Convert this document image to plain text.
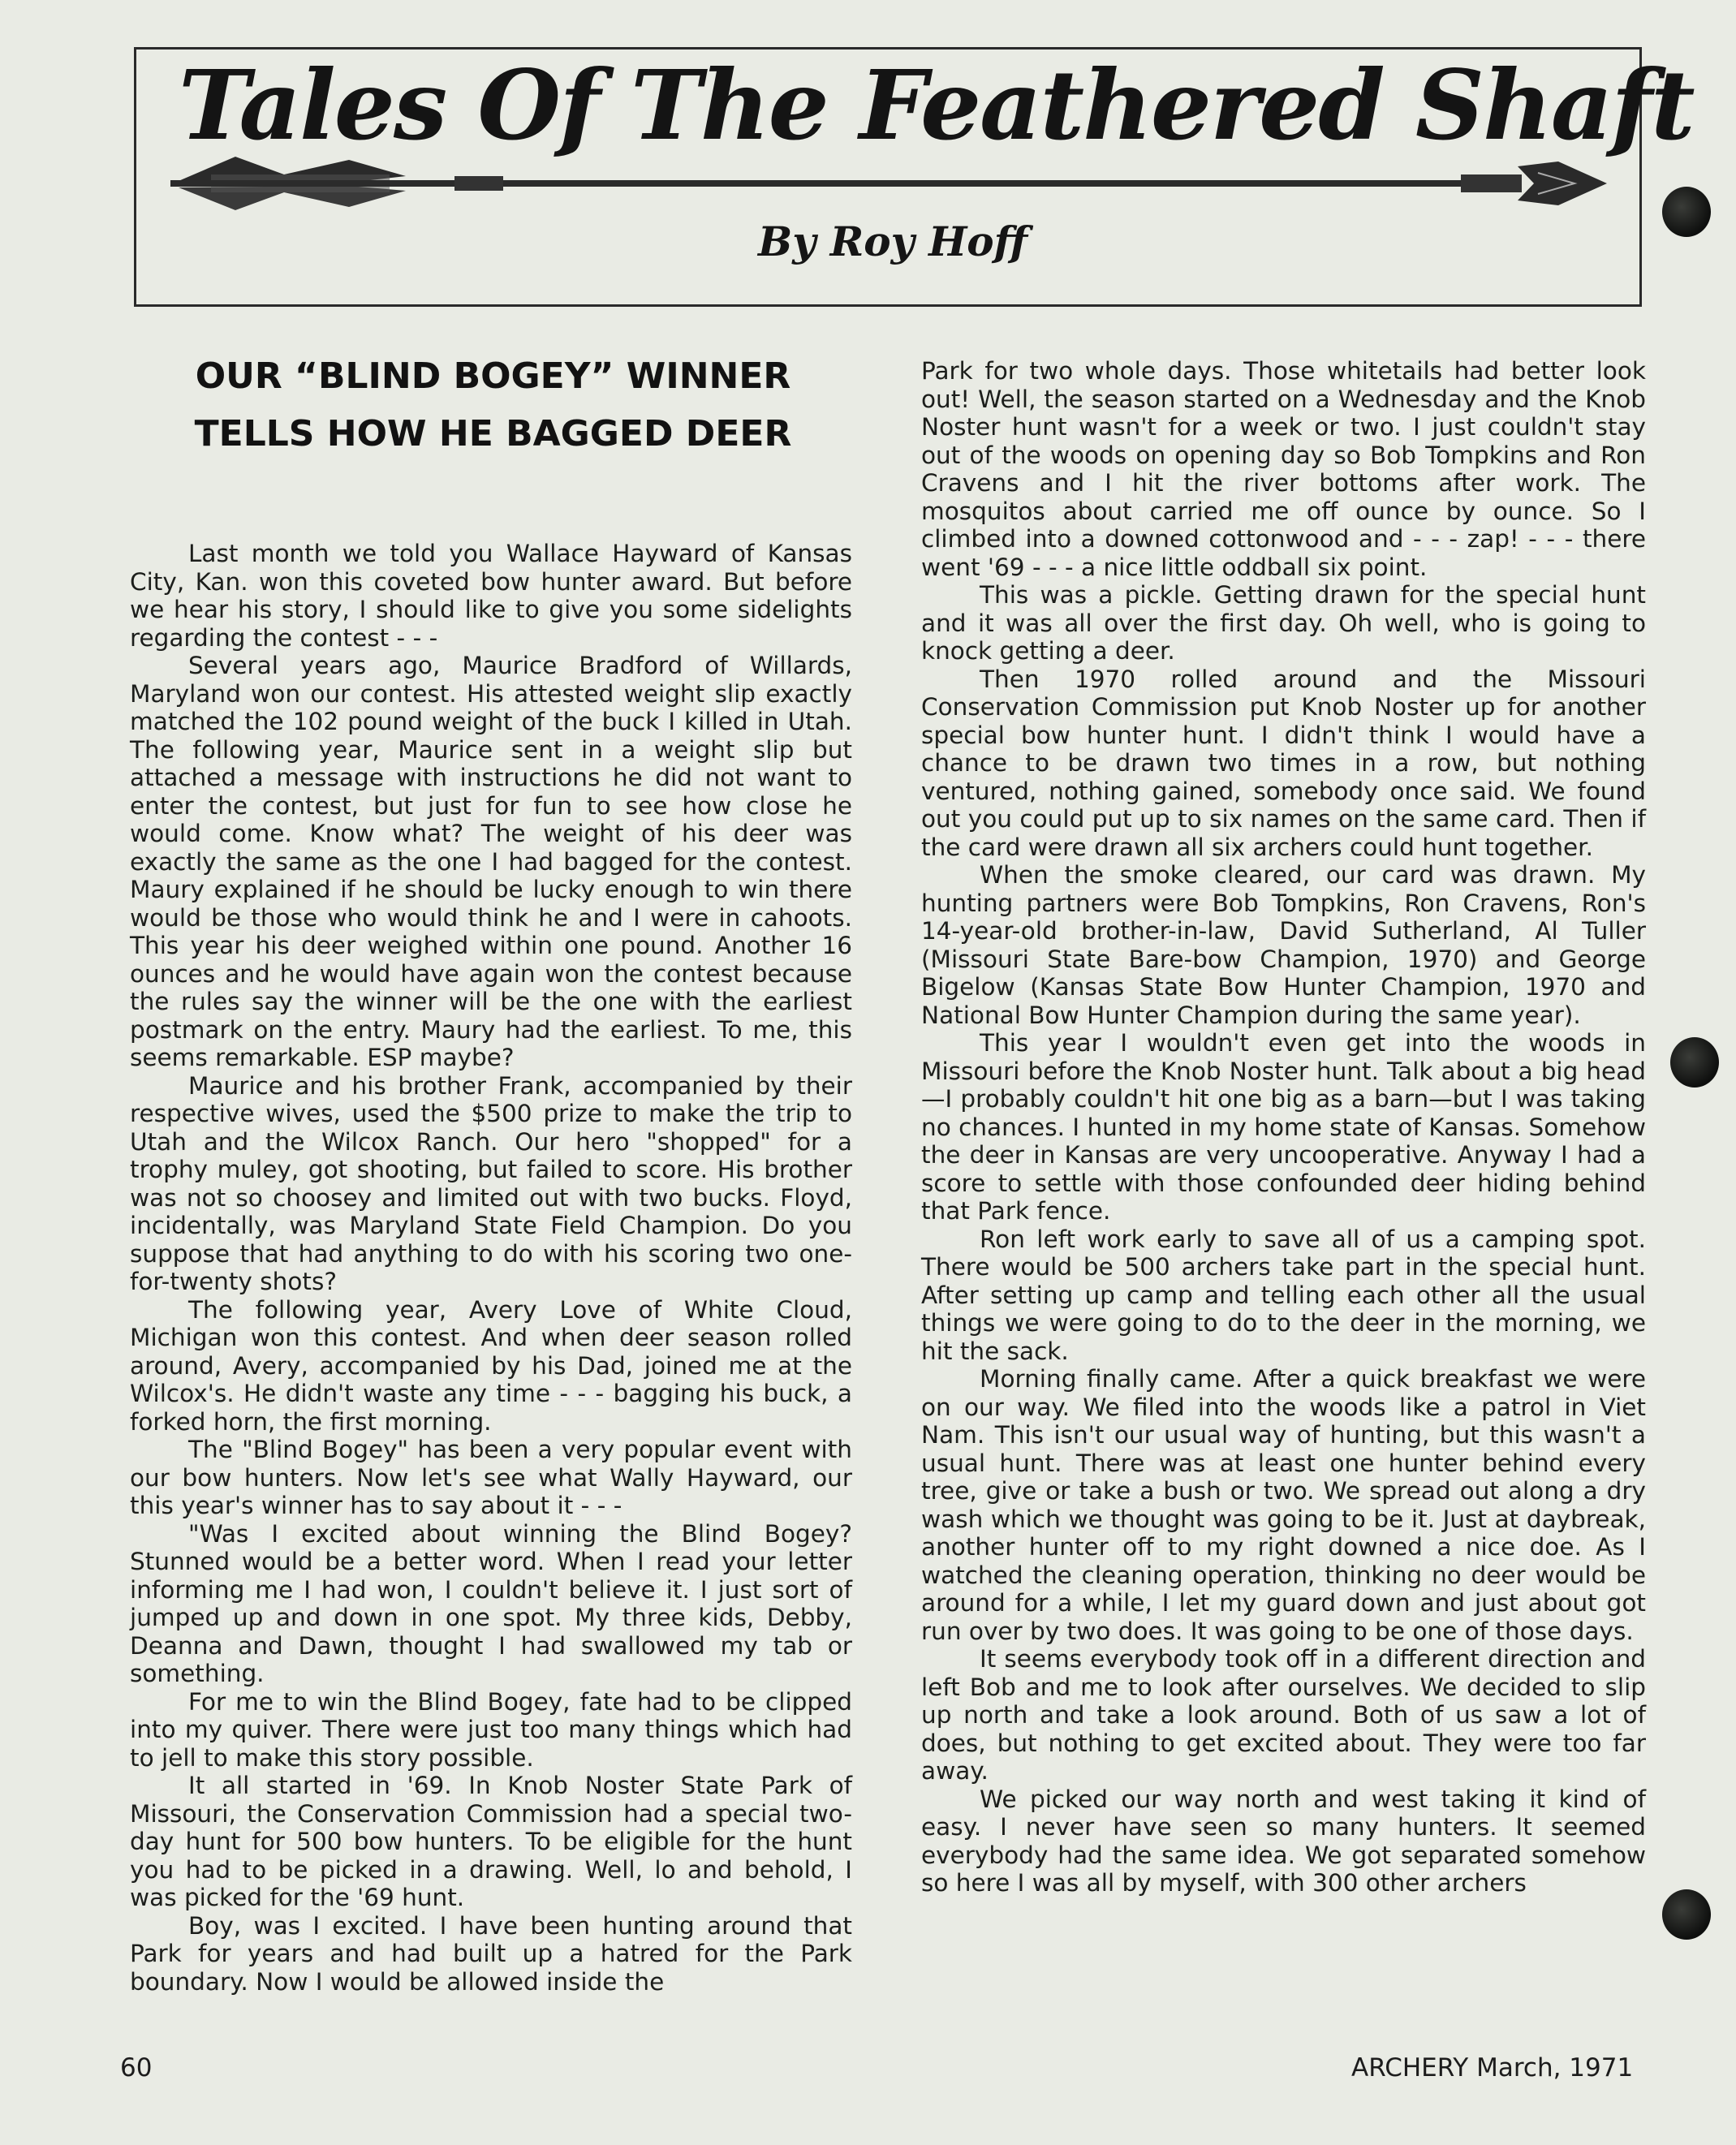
Tales Of The Feathered Shaft
By Roy Hoff
OUR “BLIND BOGEY” WINNER TELLS HOW HE BAGGED DEER

Last month we told you Wallace Hayward of Kansas City, Kan. won this coveted bow hunter award. But before we hear his story, I should like to give you some sidelights regarding the contest - - -

Several years ago, Maurice Bradford of Willards, Maryland won our contest. His attested weight slip exactly matched the 102 pound weight of the buck I killed in Utah. The following year, Maurice sent in a weight slip but attached a message with instructions he did not want to enter the contest, but just for fun to see how close he would come. Know what? The weight of his deer was exactly the same as the one I had bagged for the contest. Maury explained if he should be lucky enough to win there would be those who would think he and I were in cahoots. This year his deer weighed within one pound. Another 16 ounces and he would have again won the contest because the rules say the winner will be the one with the earliest postmark on the entry. Maury had the earliest. To me, this seems remarkable. ESP maybe?

Maurice and his brother Frank, accompanied by their respective wives, used the $500 prize to make the trip to Utah and the Wilcox Ranch. Our hero "shopped" for a trophy muley, got shooting, but failed to score. His brother was not so choosey and limited out with two bucks. Floyd, incidentally, was Maryland State Field Champion. Do you suppose that had anything to do with his scoring two one-for-twenty shots?

The following year, Avery Love of White Cloud, Michigan won this contest. And when deer season rolled around, Avery, accompanied by his Dad, joined me at the Wilcox's. He didn't waste any time - - - bagging his buck, a forked horn, the first morning.

The "Blind Bogey" has been a very popular event with our bow hunters. Now let's see what Wally Hayward, our this year's winner has to say about it - - -

"Was I excited about winning the Blind Bogey? Stunned would be a better word. When I read your letter informing me I had won, I couldn't believe it. I just sort of jumped up and down in one spot. My three kids, Debby, Deanna and Dawn, thought I had swallowed my tab or something.

For me to win the Blind Bogey, fate had to be clipped into my quiver. There were just too many things which had to jell to make this story possible.

It all started in '69. In Knob Noster State Park of Missouri, the Conservation Commission had a special two-day hunt for 500 bow hunters. To be eligible for the hunt you had to be picked in a drawing. Well, lo and behold, I was picked for the '69 hunt.

Boy, was I excited. I have been hunting around that Park for years and had built up a hatred for the Park boundary. Now I would be allowed inside the

Park for two whole days. Those whitetails had better look out! Well, the season started on a Wednesday and the Knob Noster hunt wasn't for a week or two. I just couldn't stay out of the woods on opening day so Bob Tompkins and Ron Cravens and I hit the river bottoms after work. The mosquitos about carried me off ounce by ounce. So I climbed into a downed cottonwood and - - - zap! - - - there went '69 - - - a nice little oddball six point.

This was a pickle. Getting drawn for the special hunt and it was all over the first day. Oh well, who is going to knock getting a deer.

Then 1970 rolled around and the Missouri Conservation Commission put Knob Noster up for another special bow hunter hunt. I didn't think I would have a chance to be drawn two times in a row, but nothing ventured, nothing gained, somebody once said. We found out you could put up to six names on the same card. Then if the card were drawn all six archers could hunt together.

When the smoke cleared, our card was drawn. My hunting partners were Bob Tompkins, Ron Cravens, Ron's 14-year-old brother-in-law, David Sutherland, Al Tuller (Missouri State Bare-bow Champion, 1970) and George Bigelow (Kansas State Bow Hunter Champion, 1970 and National Bow Hunter Champion during the same year).

This year I wouldn't even get into the woods in Missouri before the Knob Noster hunt. Talk about a big head—I probably couldn't hit one big as a barn—but I was taking no chances. I hunted in my home state of Kansas. Somehow the deer in Kansas are very uncooperative. Anyway I had a score to settle with those confounded deer hiding behind that Park fence.

Ron left work early to save all of us a camping spot. There would be 500 archers take part in the special hunt. After setting up camp and telling each other all the usual things we were going to do to the deer in the morning, we hit the sack.

Morning finally came. After a quick breakfast we were on our way. We filed into the woods like a patrol in Viet Nam. This isn't our usual way of hunting, but this wasn't a usual hunt. There was at least one hunter behind every tree, give or take a bush or two. We spread out along a dry wash which we thought was going to be it. Just at daybreak, another hunter off to my right downed a nice doe. As I watched the cleaning operation, thinking no deer would be around for a while, I let my guard down and just about got run over by two does. It was going to be one of those days.

It seems everybody took off in a different direction and left Bob and me to look after ourselves. We decided to slip up north and take a look around. Both of us saw a lot of does, but nothing to get excited about. They were too far away.

We picked our way north and west taking it kind of easy. I never have seen so many hunters. It seemed everybody had the same idea. We got separated somehow so here I was all by myself, with 300 other archers

60	ARCHERY March, 1971
